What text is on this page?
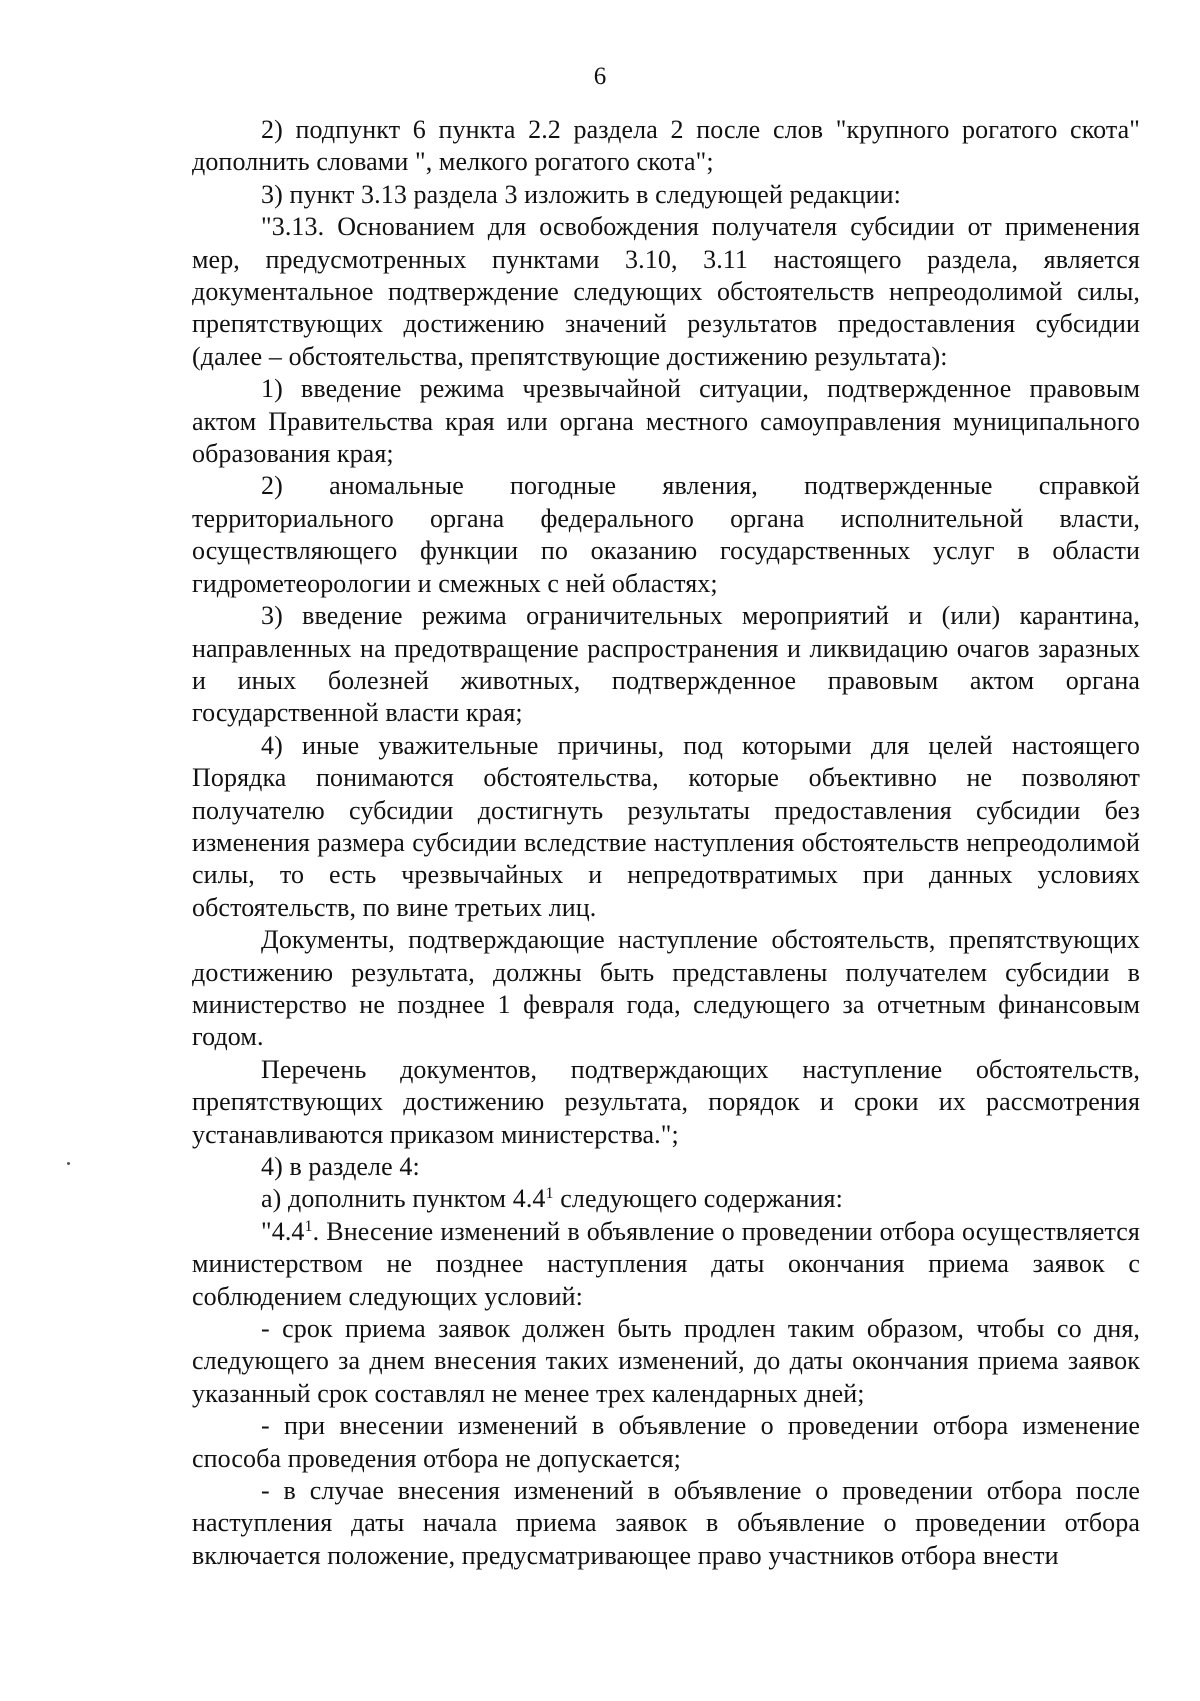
6

2) подпункт 6 пункта 2.2 раздела 2 после слов "крупного рогатого скота" дополнить словами ", мелкого рогатого скота";

3) пункт 3.13 раздела 3 изложить в следующей редакции:

"3.13. Основанием для освобождения получателя субсидии от применения мер, предусмотренных пунктами 3.10, 3.11 настоящего раздела, является документальное подтверждение следующих обстоятельств непреодолимой силы, препятствующих достижению значений результатов предоставления субсидии (далее – обстоятельства, препятствующие достижению результата):

1) введение режима чрезвычайной ситуации, подтвержденное правовым актом Правительства края или органа местного самоуправления муниципального образования края;

2) аномальные погодные явления, подтвержденные справкой территориального органа федерального органа исполнительной власти, осуществляющего функции по оказанию государственных услуг в области гидрометеорологии и смежных с ней областях;

3) введение режима ограничительных мероприятий и (или) карантина, направленных на предотвращение распространения и ликвидацию очагов заразных и иных болезней животных, подтвержденное правовым актом органа государственной власти края;

4) иные уважительные причины, под которыми для целей настоящего Порядка понимаются обстоятельства, которые объективно не позволяют получателю субсидии достигнуть результаты предоставления субсидии без изменения размера субсидии вследствие наступления обстоятельств непреодолимой силы, то есть чрезвычайных и непредотвратимых при данных условиях обстоятельств, по вине третьих лиц.

Документы, подтверждающие наступление обстоятельств, препятствующих достижению результата, должны быть представлены получателем субсидии в министерство не позднее 1 февраля года, следующего за отчетным финансовым годом.

Перечень документов, подтверждающих наступление обстоятельств, препятствующих достижению результата, порядок и сроки их рассмотрения устанавливаются приказом министерства.";

4) в разделе 4:

а) дополнить пунктом $4.4^1$ следующего содержания:

"$4.4^1$. Внесение изменений в объявление о проведении отбора осуществляется министерством не позднее наступления даты окончания приема заявок с соблюдением следующих условий:

- срок приема заявок должен быть продлен таким образом, чтобы со дня, следующего за днем внесения таких изменений, до даты окончания приема заявок указанный срок составлял не менее трех календарных дней;

- при внесении изменений в объявление о проведении отбора изменение способа проведения отбора не допускается;

- в случае внесения изменений в объявление о проведении отбора после наступления даты начала приема заявок в объявление о проведении отбора включается положение, предусматривающее право участников отбора внести
